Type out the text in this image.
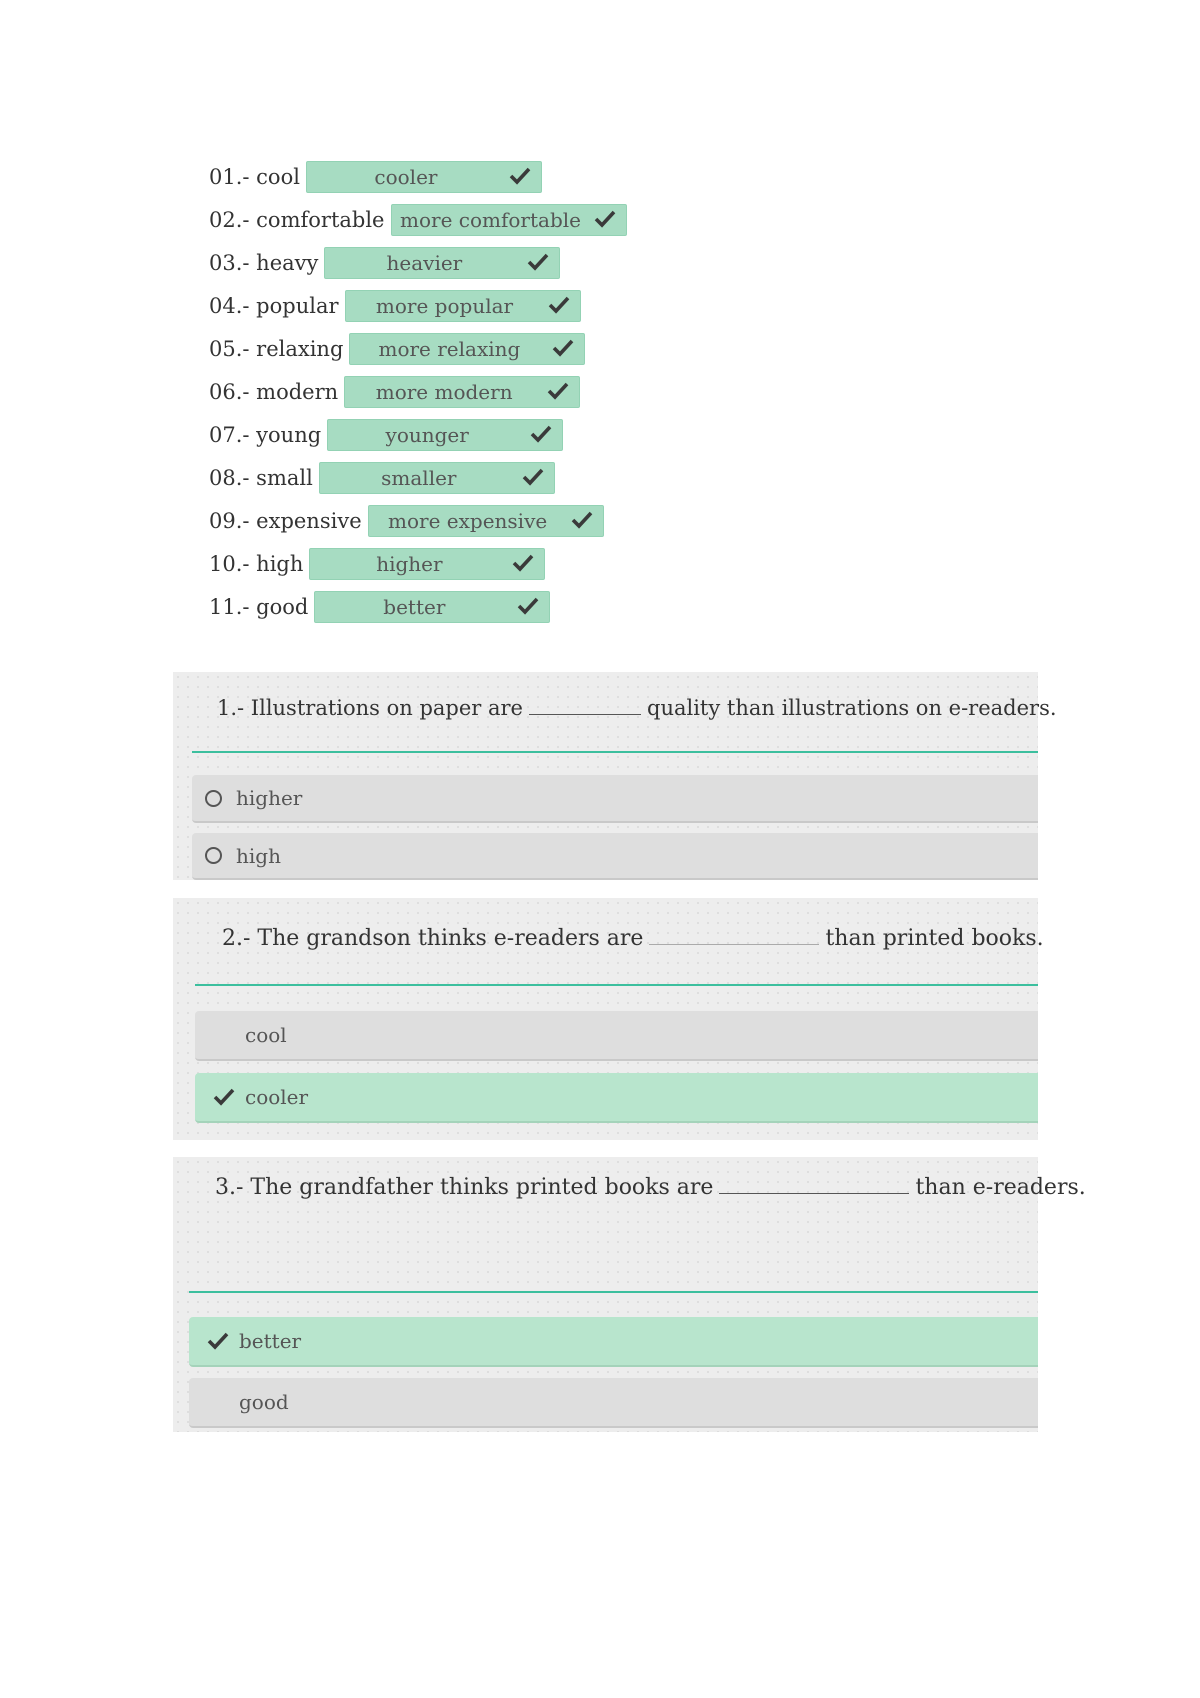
01.- cool	cooler
02.- comfortable more comfortable
03.- heavy	heavier
04.- popular more popular
05.- relaxing more relaxing
06.- modern more modern
07.- young	younger
08.- small	smaller
09.- expensive more expensive
10.- high	higher
11.- good	better
1.- Illustrations on paper are	quality than illustrations on e-readers.
higher
high
2.- The grandson thinks e-readers are	than printed books.
cool
cooler
3.- The grandfather thinks printed books are	than e-readers.
better
good
